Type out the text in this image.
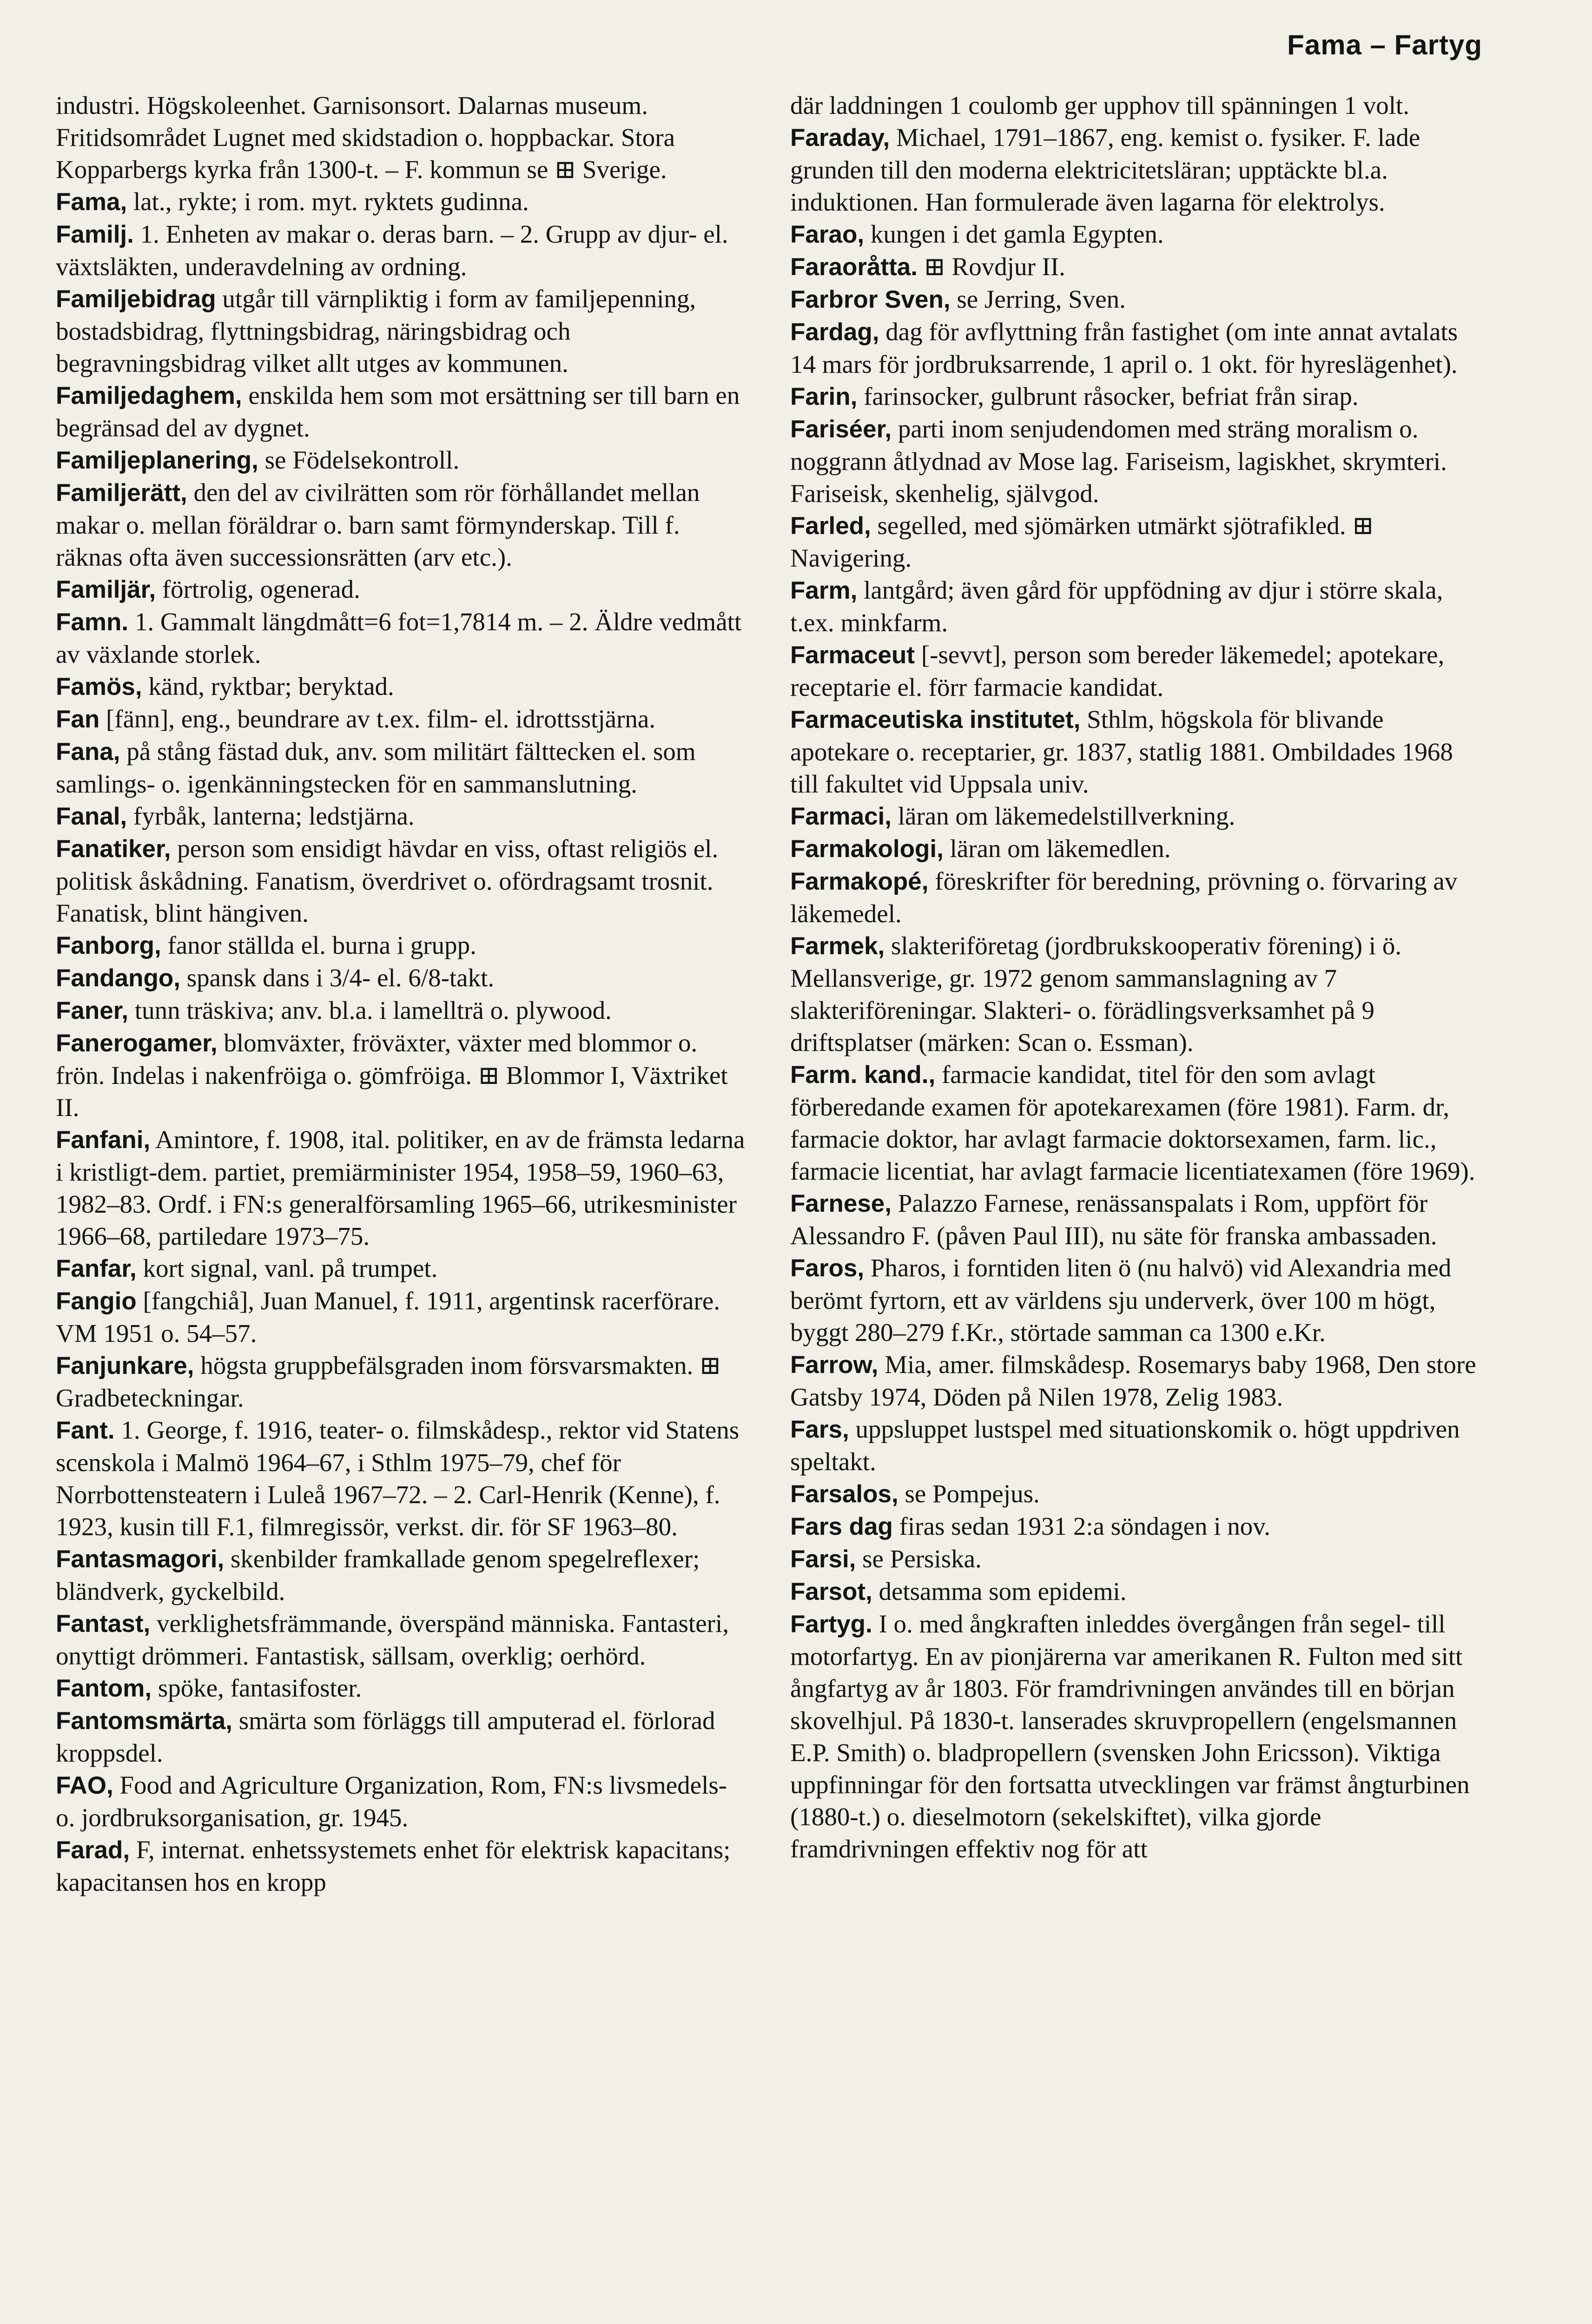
Fama – Fartyg

industri. Högskoleenhet. Garnisonsort. Dalarnas museum. Fritidsområdet Lugnet med skidstadion o. hoppbackar. Stora Kopparbergs kyrka från 1300-t. – F. kommun se ⊞ Sverige.

Fama, lat., rykte; i rom. myt. ryktets gudinna.

Familj. 1. Enheten av makar o. deras barn. – 2. Grupp av djur- el. växtsläkten, underavdelning av ordning.

Familjebidrag utgår till värnpliktig i form av familjepenning, bostadsbidrag, flyttningsbidrag, näringsbidrag och begravningsbidrag vilket allt utges av kommunen.

Familjedaghem, enskilda hem som mot ersättning ser till barn en begränsad del av dygnet.

Familjeplanering, se Födelsekontroll.

Familjerätt, den del av civilrätten som rör förhållandet mellan makar o. mellan föräldrar o. barn samt förmynderskap. Till f. räknas ofta även successionsrätten (arv etc.).

Familjär, förtrolig, ogenerad.

Famn. 1. Gammalt längdmått=6 fot=1,7814 m. – 2. Äldre vedmått av växlande storlek.

Famös, känd, ryktbar; beryktad.

Fan [fänn], eng., beundrare av t.ex. film- el. idrottsstjärna.

Fana, på stång fästad duk, anv. som militärt fälttecken el. som samlings- o. igenkänningstecken för en sammanslutning.

Fanal, fyrbåk, lanterna; ledstjärna.

Fanatiker, person som ensidigt hävdar en viss, oftast religiös el. politisk åskådning. Fanatism, överdrivet o. ofördragsamt trosnit. Fanatisk, blint hängiven.

Fanborg, fanor ställda el. burna i grupp.

Fandango, spansk dans i 3/4- el. 6/8-takt.

Faner, tunn träskiva; anv. bl.a. i lamellträ o. plywood.

Fanerogamer, blomväxter, fröväxter, växter med blommor o. frön. Indelas i nakenfröiga o. gömfröiga. ⊞ Blommor I, Växtriket II.

Fanfani, Amintore, f. 1908, ital. politiker, en av de främsta ledarna i kristligt-dem. partiet, premiärminister 1954, 1958–59, 1960–63, 1982–83. Ordf. i FN:s generalförsamling 1965–66, utrikesminister 1966–68, partiledare 1973–75.

Fanfar, kort signal, vanl. på trumpet.

Fangio [fangchiå], Juan Manuel, f. 1911, argentinsk racerförare. VM 1951 o. 54–57.

Fanjunkare, högsta gruppbefälsgraden inom försvarsmakten. ⊞ Gradbeteckningar.

Fant. 1. George, f. 1916, teater- o. filmskådesp., rektor vid Statens scenskola i Malmö 1964–67, i Sthlm 1975–79, chef för Norrbottensteatern i Luleå 1967–72. – 2. Carl-Henrik (Kenne), f. 1923, kusin till F.1, filmregissör, verkst. dir. för SF 1963–80.

Fantasmagori, skenbilder framkallade genom spegelreflexer; bländverk, gyckelbild.

Fantast, verklighetsfrämmande, överspänd människa. Fantasteri, onyttigt drömmeri. Fantastisk, sällsam, overklig; oerhörd.

Fantom, spöke, fantasifoster.

Fantomsmärta, smärta som förläggs till amputerad el. förlorad kroppsdel.

FAO, Food and Agriculture Organization, Rom, FN:s livsmedels- o. jordbruksorganisation, gr. 1945.

Farad, F, internat. enhetssystemets enhet för elektrisk kapacitans; kapacitansen hos en kropp

där laddningen 1 coulomb ger upphov till spänningen 1 volt.

Faraday, Michael, 1791–1867, eng. kemist o. fysiker. F. lade grunden till den moderna elektricitetsläran; upptäckte bl.a. induktionen. Han formulerade även lagarna för elektrolys.

Farao, kungen i det gamla Egypten.

Faraoråtta. ⊞ Rovdjur II.

Farbror Sven, se Jerring, Sven.

Fardag, dag för avflyttning från fastighet (om inte annat avtalats 14 mars för jordbruksarrende, 1 april o. 1 okt. för hyreslägenhet).

Farin, farinsocker, gulbrunt råsocker, befriat från sirap.

Fariséer, parti inom senjudendomen med sträng moralism o. noggrann åtlydnad av Mose lag. Fariseism, lagiskhet, skrymteri. Fariseisk, skenhelig, självgod.

Farled, segelled, med sjömärken utmärkt sjötrafikled. ⊞ Navigering.

Farm, lantgård; även gård för uppfödning av djur i större skala, t.ex. minkfarm.

Farmaceut [-sevvt], person som bereder läkemedel; apotekare, receptarie el. förr farmacie kandidat.

Farmaceutiska institutet, Sthlm, högskola för blivande apotekare o. receptarier, gr. 1837, statlig 1881. Ombildades 1968 till fakultet vid Uppsala univ.

Farmaci, läran om läkemedelstillverkning.

Farmakologi, läran om läkemedlen.

Farmakopé, föreskrifter för beredning, prövning o. förvaring av läkemedel.

Farmek, slakteriföretag (jordbrukskooperativ förening) i ö. Mellansverige, gr. 1972 genom sammanslagning av 7 slakteriföreningar. Slakteri- o. förädlingsverksamhet på 9 driftsplatser (märken: Scan o. Essman).

Farm. kand., farmacie kandidat, titel för den som avlagt förberedande examen för apotekarexamen (före 1981). Farm. dr, farmacie doktor, har avlagt farmacie doktorsexamen, farm. lic., farmacie licentiat, har avlagt farmacie licentiatexamen (före 1969).

Farnese, Palazzo Farnese, renässanspalats i Rom, uppfört för Alessandro F. (påven Paul III), nu säte för franska ambassaden.

Faros, Pharos, i forntiden liten ö (nu halvö) vid Alexandria med berömt fyrtorn, ett av världens sju underverk, över 100 m högt, byggt 280–279 f.Kr., störtade samman ca 1300 e.Kr.

Farrow, Mia, amer. filmskådesp. Rosemarys baby 1968, Den store Gatsby 1974, Döden på Nilen 1978, Zelig 1983.

Fars, uppsluppet lustspel med situationskomik o. högt uppdriven speltakt.

Farsalos, se Pompejus.

Fars dag firas sedan 1931 2:a söndagen i nov.

Farsi, se Persiska.

Farsot, detsamma som epidemi.

Fartyg. I o. med ångkraften inleddes övergången från segel- till motorfartyg. En av pionjärerna var amerikanen R. Fulton med sitt ångfartyg av år 1803. För framdrivningen användes till en början skovelhjul. På 1830-t. lanserades skruvpropellern (engelsmannen E.P. Smith) o. bladpropellern (svensken John Ericsson). Viktiga uppfinningar för den fortsatta utvecklingen var främst ångturbinen (1880-t.) o. dieselmotorn (sekelskiftet), vilka gjorde framdrivningen effektiv nog för att
